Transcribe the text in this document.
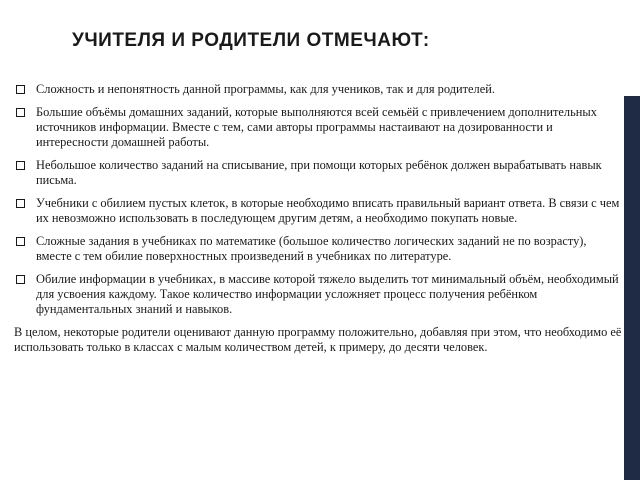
УЧИТЕЛЯ И РОДИТЕЛИ ОТМЕЧАЮТ:
Сложность и непонятность данной программы, как для учеников, так и для родителей.
Большие объёмы домашних заданий, которые выполняются всей семьёй с привлечением дополнительных источников информации. Вместе с тем, сами авторы программы настаивают на дозированности и интересности домашней работы.
Небольшое количество заданий на списывание, при помощи которых ребёнок должен вырабатывать навык письма.
Учебники с обилием пустых клеток, в которые необходимо вписать правильный вариант ответа. В связи с чем их невозможно использовать в последующем другим детям, а необходимо покупать новые.
Сложные задания в учебниках по математике (большое количество логических заданий не по возрасту), вместе с тем обилие поверхностных произведений в учебниках по литературе.
Обилие информации в учебниках, в массиве которой тяжело выделить тот минимальный объём, необходимый для усвоения каждому. Такое количество информации усложняет процесс получения ребёнком фундаментальных знаний и навыков.
В целом, некоторые родители оценивают данную программу положительно, добавляя при этом, что необходимо её использовать только в классах с малым количеством детей, к примеру, до десяти человек.
